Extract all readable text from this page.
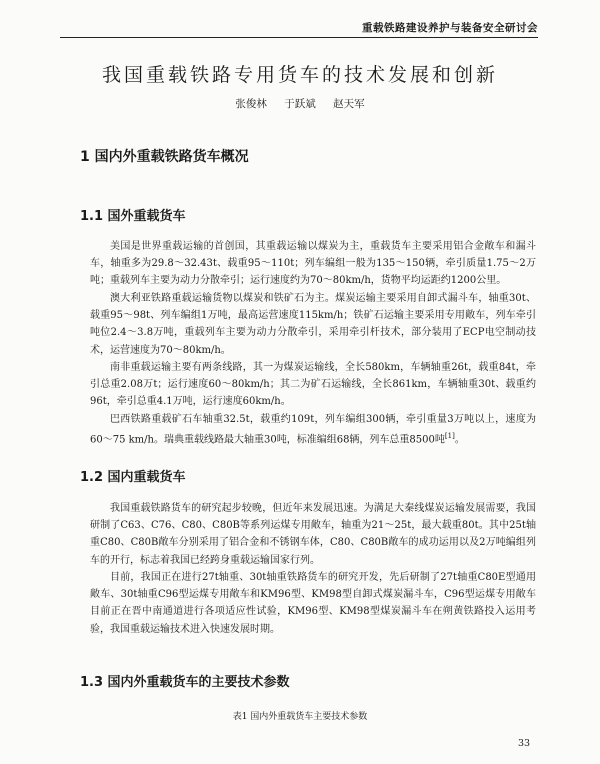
重载铁路建设养护与装备安全研讨会
我国重载铁路专用货车的技术发展和创新
张俊林 于跃斌 赵天军
1 国内外重载铁路货车概况
1.1 国外重载货车

美国是世界重载运输的首创国，其重载运输以煤炭为主，重载货车主要采用铝合金敞车和漏斗车，轴重多为29.8～32.43t、载重95～110t；列车编组一般为135～150辆，牵引质量1.75～2万吨；重载列车主要为动力分散牵引；运行速度约为70～80km/h，货物平均运距约1200公里。

澳大利亚铁路重载运输货物以煤炭和铁矿石为主。煤炭运输主要采用自卸式漏斗车，轴重30t、载重95～98t、列车编组1万吨，最高运营速度115km/h；铁矿石运输主要采用专用敞车，列车牵引吨位2.4～3.8万吨，重载列车主要为动力分散牵引，采用牵引杆技术，部分装用了ECP电空制动技术，运营速度为70～80km/h。

南非重载运输主要有两条线路，其一为煤炭运输线，全长580km，车辆轴重26t，载重84t，牵引总重2.08万t；运行速度60～80km/h；其二为矿石运输线，全长861km，车辆轴重30t、载重约96t，牵引总重4.1万吨，运行速度60km/h。

巴西铁路重载矿石车轴重32.5t，载重约109t，列车编组300辆，牵引重量3万吨以上，速度为60～75 km/h。瑞典重载线路最大轴重30吨，标准编组68辆，列车总重8500吨[1]。

1.2 国内重载货车

我国重载铁路货车的研究起步较晚，但近年来发展迅速。为满足大秦线煤炭运输发展需要，我国研制了C63、C76、C80、C80B等系列运煤专用敞车，轴重为21～25t，最大载重80t。其中25t轴重C80、C80B敞车分别采用了铝合金和不锈钢车体，C80、C80B敞车的成功运用以及2万吨编组列车的开行，标志着我国已经跨身重载运输国家行列。

目前，我国正在进行27t轴重、30t轴重铁路货车的研究开发，先后研制了27t轴重C80E型通用敞车、30t轴重C96型运煤专用敞车和KM96型、KM98型自卸式煤炭漏斗车，C96型运煤专用敞车目前正在晋中南通道进行各项适应性试验，KM96型、KM98型煤炭漏斗车在朔黄铁路投入运用考验，我国重载运输技术进入快速发展时期。

1.3 国内外重载货车的主要技术参数
表1 国内外重载货车主要技术参数
33
